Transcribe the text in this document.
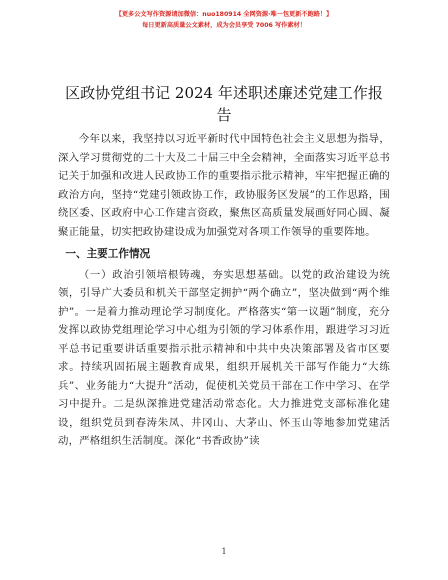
【更多公文写作资源请加微信：nuo180914 全网资源·唯一包更新不跑路！】
每日更新高质量公文素材，成为会员享受 7006 写作素材！
区政协党组书记 2024 年述职述廉述党建工作报告

今年以来，我坚持以习近平新时代中国特色社会主义思想为指导，深入学习贯彻党的二十大及二十届三中全会精神，全面落实习近平总书记关于加强和改进人民政协工作的重要指示批示精神，牢牢把握正确的政治方向，坚持“党建引领政协工作，政协服务区发展”的工作思路，围绕区委、区政府中心工作建言资政，聚焦区高质量发展画好同心圆、凝聚正能量，切实把政协建设成为加强党对各项工作领导的重要阵地。

一、主要工作情况

（一）政治引领培根铸魂，夯实思想基础。以党的政治建设为统领，引导广大委员和机关干部坚定拥护“两个确立”，坚决做到“两个维护”。一是着力推动理论学习制度化。严格落实“第一议题”制度，充分发挥以政协党组理论学习中心组为引领的学习体系作用，跟进学习习近平总书记重要讲话重要指示批示精神和中共中央决策部署及省市区要求。持续巩固拓展主题教育成果，组织开展机关干部写作能力“大练兵”、业务能力“大提升”活动，促使机关党员干部在工作中学习、在学习中提升。二是纵深推进党建活动常态化。大力推进党支部标准化建设，组织党员到春涛朱凤、井冈山、大茅山、怀玉山等地参加党建活动，严格组织生活制度。深化“书香政协”读

1
